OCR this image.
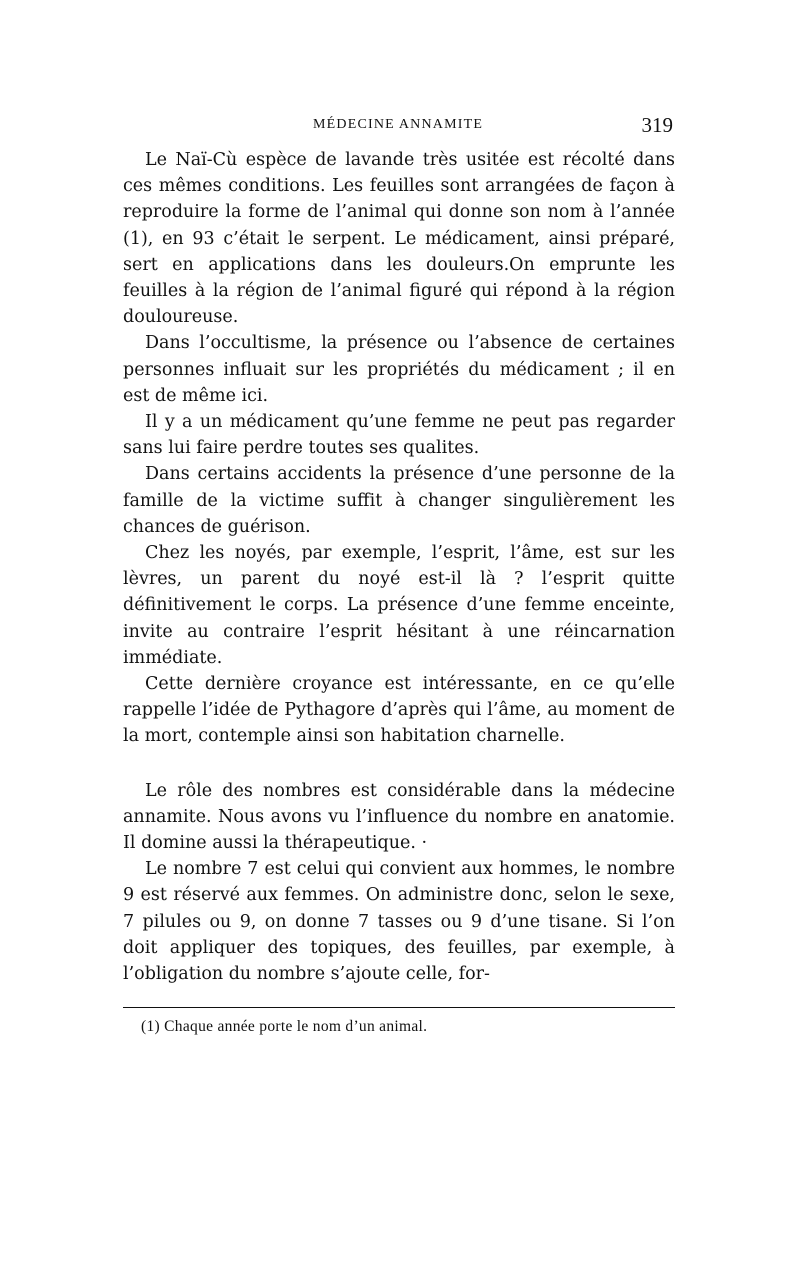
MÉDECINE ANNAMITE	319

Le Naï-Cù espèce de lavande très usitée est récolté dans ces mêmes conditions. Les feuilles sont arrangées de façon à reproduire la forme de l’animal qui donne son nom à l’année (1), en 93 c’était le serpent. Le médicament, ainsi préparé, sert en applications dans les douleurs.On emprunte les feuilles à la région de l’animal figuré qui répond à la région douloureuse.

Dans l’occultisme, la présence ou l’absence de certaines personnes influait sur les propriétés du médicament ; il en est de même ici.

Il y a un médicament qu’une femme ne peut pas regarder sans lui faire perdre toutes ses qualites.

Dans certains accidents la présence d’une personne de la famille de la victime suffit à changer singulièrement les chances de guérison.

Chez les noyés, par exemple, l’esprit, l’âme, est sur les lèvres, un parent du noyé est-il là ? l’esprit quitte définitivement le corps. La présence d’une femme enceinte, invite au contraire l’esprit hésitant à une réincarnation immédiate.

Cette dernière croyance est intéressante, en ce qu’elle rappelle l’idée de Pythagore d’après qui l’âme, au moment de la mort, contemple ainsi son habitation charnelle.

Le rôle des nombres est considérable dans la médecine annamite. Nous avons vu l’influence du nombre en anatomie. Il domine aussi la thérapeutique. ·

Le nombre 7 est celui qui convient aux hommes, le nombre 9 est réservé aux femmes. On administre donc, selon le sexe, 7 pilules ou 9, on donne 7 tasses ou 9 d’une tisane. Si l’on doit appliquer des topiques, des feuilles, par exemple, à l’obligation du nombre s’ajoute celle, for-

(1) Chaque année porte le nom d’un animal.
